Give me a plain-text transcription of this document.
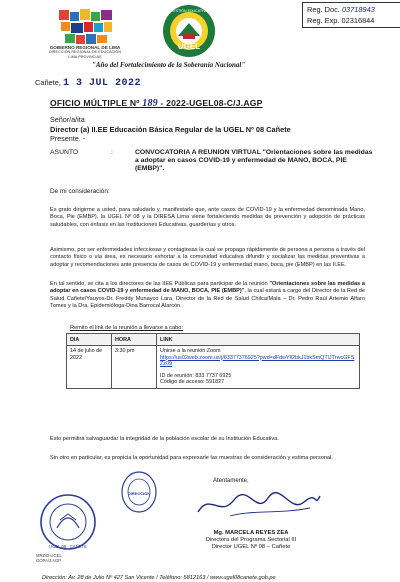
GOBIERNO REGIONAL DE LIMA
DIRECCIÓN REGIONAL DE EDUCACIÓN
LIMA PROVINCIAS
UGEL
GESTIÓN EDUCATIVA	Reg. Doc. 03718943
Reg. Exp. 02316844
"Año del Fortalecimiento de la Soberanía Nacional"
Cañete, 1 3 JUL 2022
OFICIO MÚLTIPLE Nº 189 - 2022-UGEL08-C/J.AGP
Señor/a/ita
Director (a) II.EE Educación Básica Regular de la UGEL Nº 08 Cañete
Presente. -
ASUNTO	:	CONVOCATORIA A REUNION VIRTUAL "Orientaciones sobre las medidas a adoptar en casos COVID-19 y enfermedad de MANO, BOCA, PIE (EMBP)".
De mi consideración:
Es grato dirigirme a usted, para saludarlo y, manifestarle que, ante casos de COVID-19 y la enfermedad denominada Mano, Boca, Pie (EMBP), la UGEL Nº 08 y la DIRESA Lima viene fortaleciendo medidas de prevención y adopción de prácticas saludables, con énfasis en las Instituciones Educativas, guarderías y otros.
Asimismo, por ser enfermedades infecciosas y contagiosas la cual se propaga rápidamente de persona a persona a través del contacto físico o vía área, es necesario exhortar a la comunidad educativa difundir y socializar las medidas preventivas a adoptar y recomendaciones ante presencia de casos de COVID-19 y enfermedad mano, boca, pie (EMBP) en las II.EE.
En tal sentido, se cita a los directores de las IIEE Públicas para participar de la reunión "Orientaciones sobre las medidas a adoptar en casos COVID-19 y enfermedad de MANO, BOCA, PIE (EMBP)", la cual estará a cargo del Director de la Red de Salud Cañete/Yauyos-Dr. Freddy Munayco Lara, Director de la Red de Salud Chilca/Mala – Dr. Pedro Raúl Artemio Alfaro Tomes y la Dra. Epidemióloga-Dina Barrocal Alarcón.
Remito el link de la reunión a llevarse a cabo:
DIA	HORA	LINK
14 de julio de 2022	3:30 pm	Unirse a la reunión Zoom
https://us02web.zoom.us/j/83377376925?pwd=dFdwYll2bkJ1bkSmQTlJTnvcGFSZz09
ID de reunión: 833 7737 6925
Código de acceso: 591827
Esto permitirá salvaguardar la integridad de la población escolar de su Institución Educativa.
Sin otro en particular, es propicia la oportunidad para expresarle las muestras de consideración y estima personal.
Atentamente,
UGEL 08 · CAÑETE
DIRECCIÓN
Mg. MARCELA REYES ZEA
Directora del Programa Sectorial III
Director UGEL Nº 08 – Cañete
MRZ/D.UGEL
GOPA/J.AGP
Dirección: Av. 28 de Julio Nº 427 San Vicente / Teléfono: 5812163 / www.ugel08canete.gob.pe
